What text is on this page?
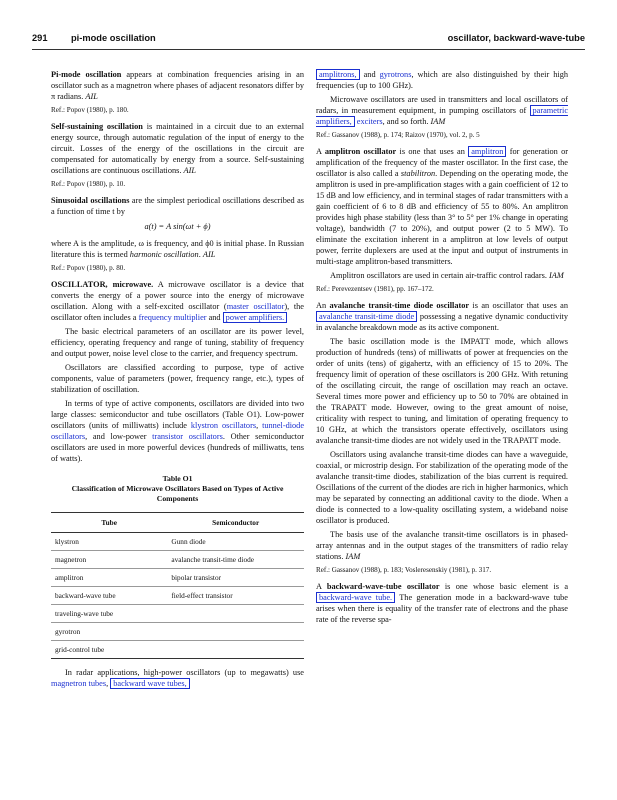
291	pi-mode oscillation	oscillator, backward-wave-tube

Pi-mode oscillation appears at combination frequencies arising in an oscillator such as a magnetron where phases of adjacent resonators differ by π radians. AIL

Ref.: Popov (1980), p. 180.

Self-sustaining oscillation is maintained in a circuit due to an external energy source, through automatic regulation of the input of energy to the circuit. Losses of the energy of the oscillations in the circuit are compensated for automatically by energy from a source. Self-sustaining oscillations are continuous oscillations. AIL

Ref.: Popov (1980), p. 10.

Sinusoidal oscillations are the simplest periodical oscillations described as a function of time t by

a(t) = A sin(ωt + ϕ)

where A is the amplitude, ω is frequency, and ϕ0 is initial phase. In Russian literature this is termed harmonic oscillation. AIL

Ref.: Popov (1980), p. 80.

OSCILLATOR, microwave. A microwave oscillator is a device that converts the energy of a power source into the energy of microwave oscillation. Along with a self-excited oscillator (master oscillator), the oscillator often includes a frequency multiplier and power amplifiers.

The basic electrical parameters of an oscillator are its power level, efficiency, operating frequency and range of tuning, stability of frequency and output power, noise level close to the carrier, and frequency spectrum.

Oscillators are classified according to purpose, type of active components, value of parameters (power, frequency range, etc.), types of stabilization of oscillation.

In terms of type of active components, oscillators are divided into two large classes: semiconductor and tube oscillators (Table O1). Low-power oscillators (units of milliwatts) include klystron oscillators, tunnel-diode oscillators, and low-power transistor oscillators. Other semiconductor oscillators are used in more powerful devices (hundreds of milliwatts, tens of watts).

Table O1
Classification of Microwave Oscillators Based on Types of Active Components
Tube	Semiconductor
klystron	Gunn diode
magnetron	avalanche transit-time diode
amplitron	bipolar transistor
backward-wave tube	field-effect transistor
traveling-wave tube	
gyrotron	
grid-control tube	

In radar applications, high-power oscillators (up to megawatts) use magnetron tubes, backward wave tubes,

amplitrons, and gyrotrons, which are also distinguished by their high frequencies (up to 100 GHz).

Microwave oscillators are used in transmitters and local oscillators of radars, in measurement equipment, in pumping oscillators of parametric amplifiers, exciters, and so forth. IAM

Ref.: Gassanov (1988), p. 174; Raizov (1970), vol. 2, p. 5

A amplitron oscillator is one that uses an amplitron for generation or amplification of the frequency of the master oscillator. In the first case, the oscillator is also called a stabilitron. Depending on the operating mode, the amplitron is used in pre-amplification stages with a gain coefficient of 12 to 15 dB and low efficiency, and in terminal stages of radar transmitters with a gain coefficient of 6 to 8 dB and efficiency of 55 to 80%. An amplitron provides high phase stability (less than 3° to 5° per 1% change in operating voltage), bandwidth (7 to 20%), and output power (2 to 5 MW). To eliminate the excitation inherent in a amplitron at low levels of output power, ferrite duplexers are used at the input and output of instruments in multi-stage amplitron-based transmitters.

Amplitron oscillators are used in certain air-traffic control radars. IAM

Ref.: Perevezentsev (1981), pp. 167–172.

An avalanche transit-time diode oscillator is an oscillator that uses an avalanche transit-time diode possessing a negative dynamic conductivity in avalanche breakdown mode as its active component.

The basic oscillation mode is the IMPATT mode, which allows production of hundreds (tens) of milliwatts of power at frequencies on the order of units (tens) of gigahertz, with an efficiency of 15 to 20%. The frequency limit of operation of these oscillators is 200 GHz. With retuning of the oscillating circuit, the range of oscillation may reach an octave. Several times more power and efficiency up to 50 to 70% are obtained in the TRAPATT mode. However, owing to the great amount of noise, criticality with respect to tuning, and limitation of operating frequency to 10 GHz, at which the transistors operate effectively, oscillators using avalanche transit-time diodes are not widely used in the TRAPATT mode.

Oscillators using avalanche transit-time diodes can have a waveguide, coaxial, or microstrip design. For stabilization of the operating mode of the avalanche transit-time diodes, stabilization of the bias current is required. Oscillations of the current of the diodes are rich in higher harmonics, which may be separated by connecting an additional cavity to the diode. When a diode is connected to a low-quality oscillating system, a wideband noise oscillator is produced.

The basis use of the avalanche transit-time oscillators is in phased-array antennas and in the output stages of the transmitters of radio relay stations. IAM

Ref.: Gassanov (1988), p. 183; Vosleresenskiy (1981), p. 317.

A backward-wave-tube oscillator is one whose basic element is a backward-wave tube. The generation mode in a backward-wave tube arises when there is equality of the transfer rate of electrons and the phase rate of the reverse spa-
